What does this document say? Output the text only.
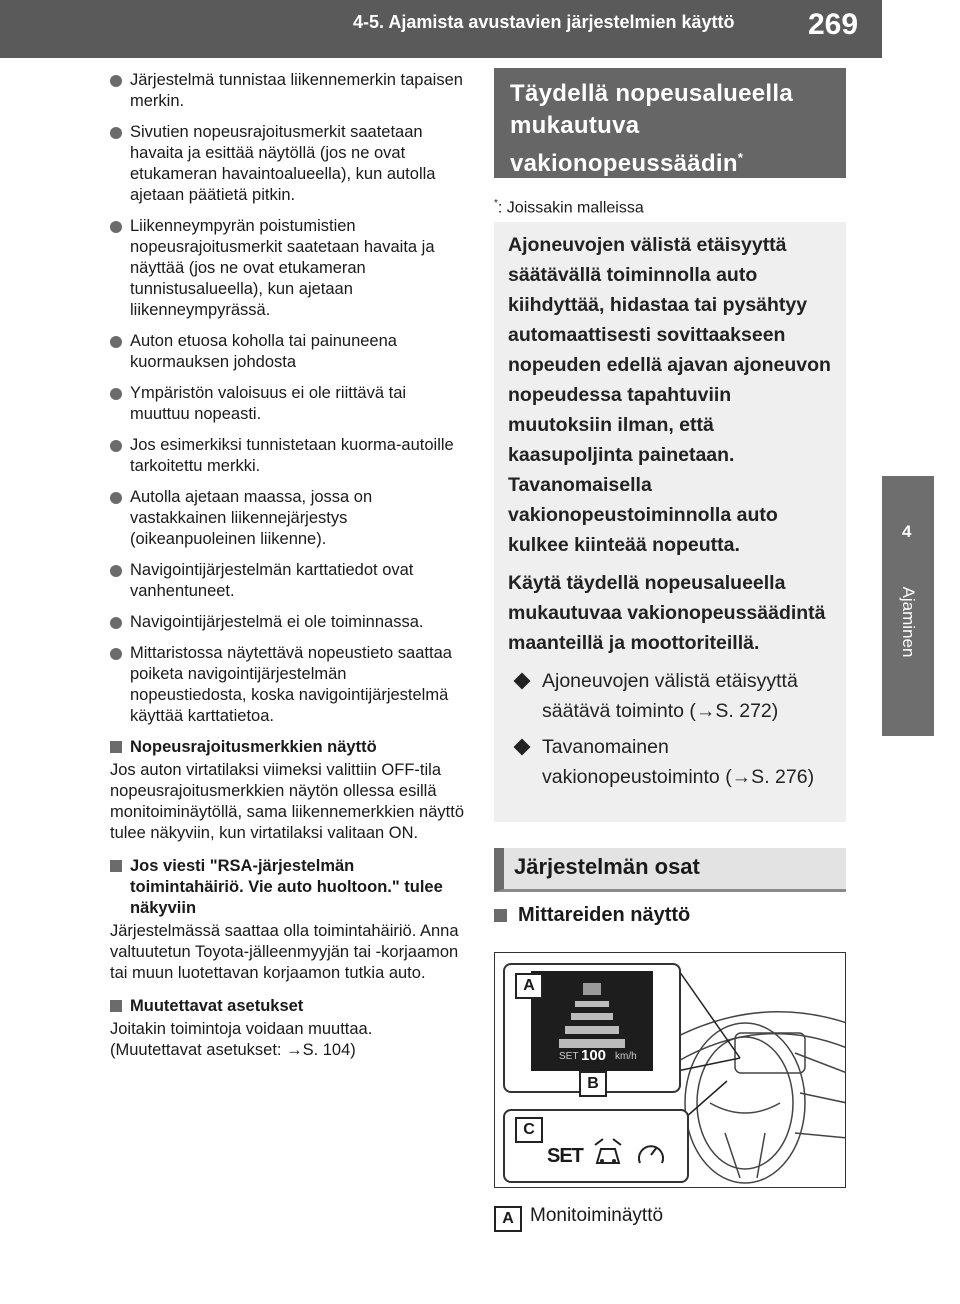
4-5. Ajamista avustavien järjestelmien käyttö 269
4
Ajaminen
Järjestelmä tunnistaa liikennemerkin tapaisen merkin.
Sivutien nopeusrajoitusmerkit saatetaan havaita ja esittää näytöllä (jos ne ovat etukameran havaintoalueella), kun autolla ajetaan päätietä pitkin.
Liikenneympyrän poistumistien nopeusrajoitusmerkit saatetaan havaita ja näyttää (jos ne ovat etukameran tunnistusalueella), kun ajetaan liikenneympyrässä.
Auton etuosa koholla tai painuneena kuormauksen johdosta
Ympäristön valoisuus ei ole riittävä tai muuttuu nopeasti.
Jos esimerkiksi tunnistetaan kuorma-autoille tarkoitettu merkki.
Autolla ajetaan maassa, jossa on vastakkainen liikennejärjestys (oikeanpuoleinen liikenne).
Navigointijärjestelmän karttatiedot ovat vanhentuneet.
Navigointijärjestelmä ei ole toiminnassa.
Mittaristossa näytettävä nopeustieto saattaa poiketa navigointijärjestelmän nopeustiedosta, koska navigointijärjestelmä käyttää karttatietoa.
Nopeusrajoitusmerkkien näyttö
Jos auton virtatilaksi viimeksi valittiin OFF-tila nopeusrajoitusmerkkien näytön ollessa esillä monitoiminäytöllä, sama liikennemerkkien näyttö tulee näkyviin, kun virtatilaksi valitaan ON.
Jos viesti "RSA-järjestelmän toimintahäiriö. Vie auto huoltoon." tulee näkyviin
Järjestelmässä saattaa olla toimintahäiriö. Anna valtuutetun Toyota-jälleenmyyjän tai -korjaamon tai muun luotettavan korjaamon tutkia auto.
Muutettavat asetukset
Joitakin toimintoja voidaan muuttaa. (Muutettavat asetukset: →S. 104)
Täydellä nopeusalueella mukautuva vakionopeussäädin*
*: Joissakin malleissa

Ajoneuvojen välistä etäisyyttä säätävällä toiminnolla auto kiihdyttää, hidastaa tai pysähtyy automaattisesti sovittaakseen nopeuden edellä ajavan ajoneuvon nopeudessa tapahtuviin muutoksiin ilman, että kaasupoljinta painetaan. Tavanomaisella vakionopeustoiminnolla auto kulkee kiinteää nopeutta.

Käytä täydellä nopeusalueella mukautuvaa vakionopeussäädintä maanteillä ja moottoriteillä.

Ajoneuvojen välistä etäisyyttä säätävä toiminto (→S. 272)
Tavanomainen vakionopeustoiminto (→S. 276)
Järjestelmän osat
Mittareiden näyttö
SET 100 km/h
A
B
C
SET
A Monitoiminäyttö
